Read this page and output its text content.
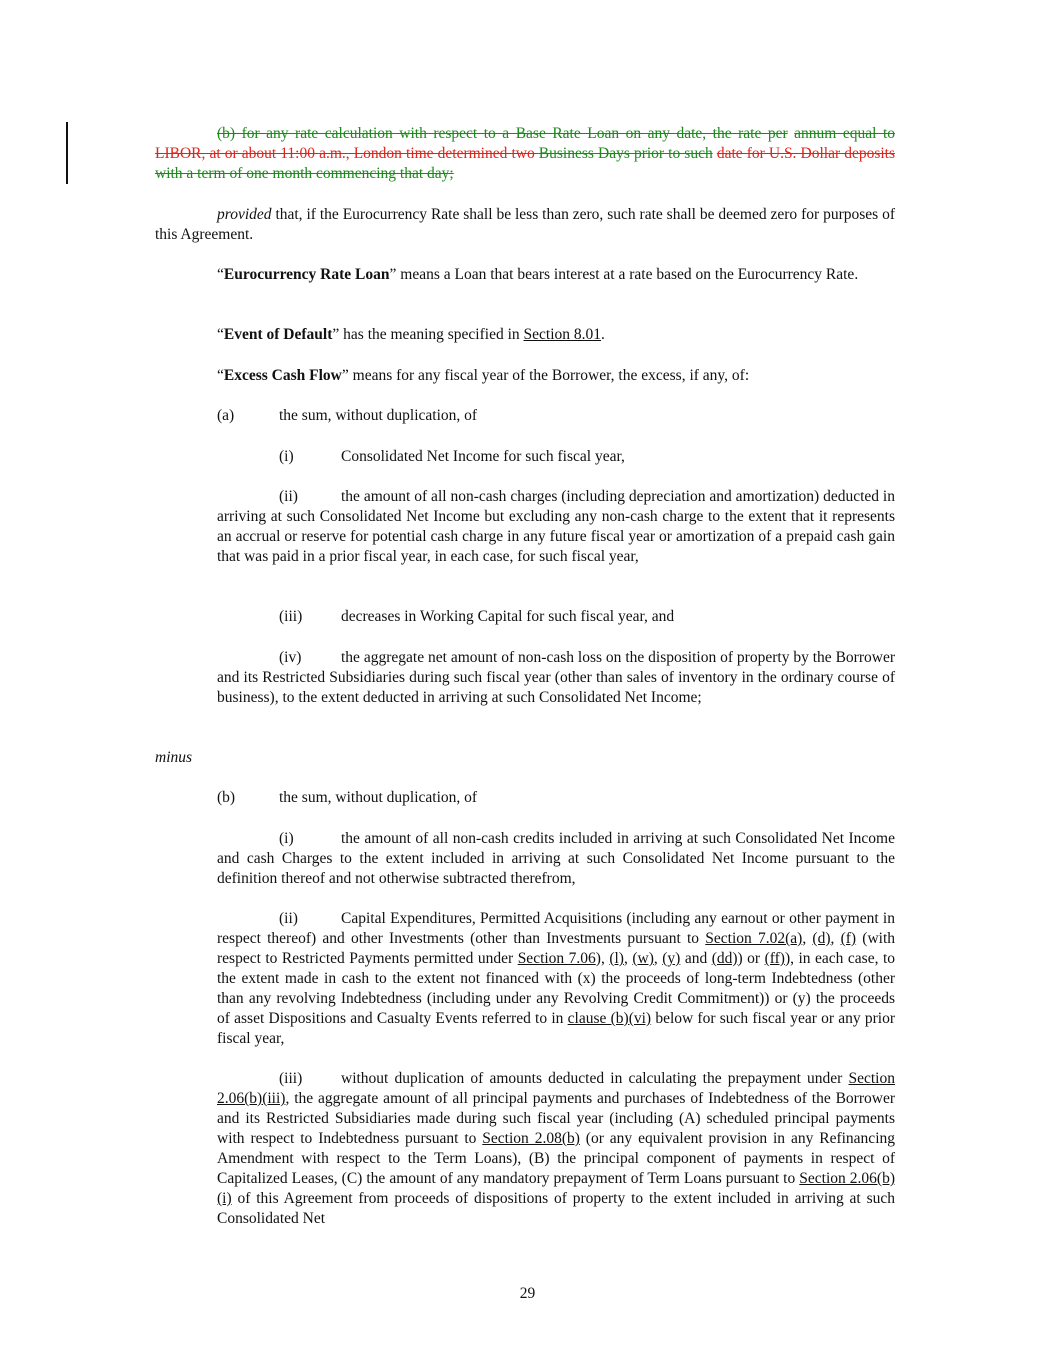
(b) for any rate calculation with respect to a Base Rate Loan on any date, the rate per annum equal to LIBOR, at or about 11:00 a.m., London time determined two Business Days prior to such date for U.S. Dollar deposits with a term of one month commencing that day;
provided that, if the Eurocurrency Rate shall be less than zero, such rate shall be deemed zero for purposes of this Agreement.
“Eurocurrency Rate Loan” means a Loan that bears interest at a rate based on the Eurocurrency Rate.
“Event of Default” has the meaning specified in Section 8.01.
“Excess Cash Flow” means for any fiscal year of the Borrower, the excess, if any, of:
(a)	the sum, without duplication, of
(i)	Consolidated Net Income for such fiscal year,
(ii)	the amount of all non-cash charges (including depreciation and amortization) deducted in arriving at such Consolidated Net Income but excluding any non-cash charge to the extent that it represents an accrual or reserve for potential cash charge in any future fiscal year or amortization of a prepaid cash gain that was paid in a prior fiscal year, in each case, for such fiscal year,
(iii)	decreases in Working Capital for such fiscal year, and
(iv)	the aggregate net amount of non-cash loss on the disposition of property by the Borrower and its Restricted Subsidiaries during such fiscal year (other than sales of inventory in the ordinary course of business), to the extent deducted in arriving at such Consolidated Net Income;
minus
(b)	the sum, without duplication, of
(i)	the amount of all non-cash credits included in arriving at such Consolidated Net Income and cash Charges to the extent included in arriving at such Consolidated Net Income pursuant to the definition thereof and not otherwise subtracted therefrom,
(ii)	Capital Expenditures, Permitted Acquisitions (including any earnout or other payment in respect thereof) and other Investments (other than Investments pursuant to Section 7.02(a), (d), (f) (with respect to Restricted Payments permitted under Section 7.06), (l), (w), (y) and (dd)) or (ff)), in each case, to the extent made in cash to the extent not financed with (x) the proceeds of long-term Indebtedness (other than any revolving Indebtedness (including under any Revolving Credit Commitment)) or (y) the proceeds of asset Dispositions and Casualty Events referred to in clause (b)(vi) below for such fiscal year or any prior fiscal year,
(iii)	without duplication of amounts deducted in calculating the prepayment under Section 2.06(b)(iii), the aggregate amount of all principal payments and purchases of Indebtedness of the Borrower and its Restricted Subsidiaries made during such fiscal year (including (A) scheduled principal payments with respect to Indebtedness pursuant to Section 2.08(b) (or any equivalent provision in any Refinancing Amendment with respect to the Term Loans), (B) the principal component of payments in respect of Capitalized Leases, (C) the amount of any mandatory prepayment of Term Loans pursuant to Section 2.06(b)(i) of this Agreement from proceeds of dispositions of property to the extent included in arriving at such Consolidated Net
29
